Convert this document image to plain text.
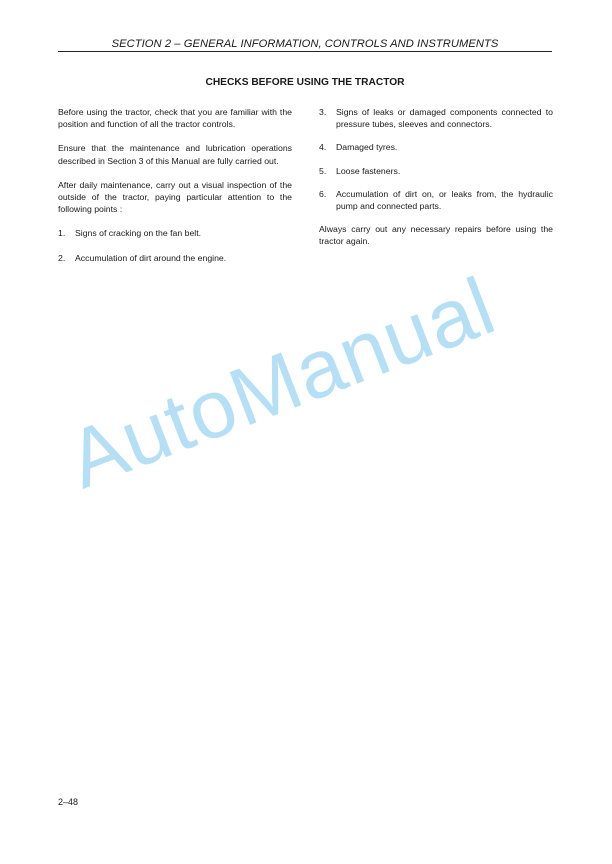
SECTION 2 – GENERAL INFORMATION, CONTROLS AND INSTRUMENTS
CHECKS BEFORE USING THE TRACTOR

Before using the tractor, check that you are familiar with the position and function of all the tractor controls.

Ensure that the maintenance and lubrication operations described in Section 3 of this Manual are fully carried out.

After daily maintenance, carry out a visual inspection of the outside of the tractor, paying particular attention to the following points :

1. Signs of cracking on the fan belt.
2. Accumulation of dirt around the engine.
3. Signs of leaks or damaged components connected to pressure tubes, sleeves and connectors.
4. Damaged tyres.
5. Loose fasteners.
6. Accumulation of dirt on, or leaks from, the hydraulic pump and connected parts.

Always carry out any necessary repairs before using the tractor again.

AutoManual
2–48
